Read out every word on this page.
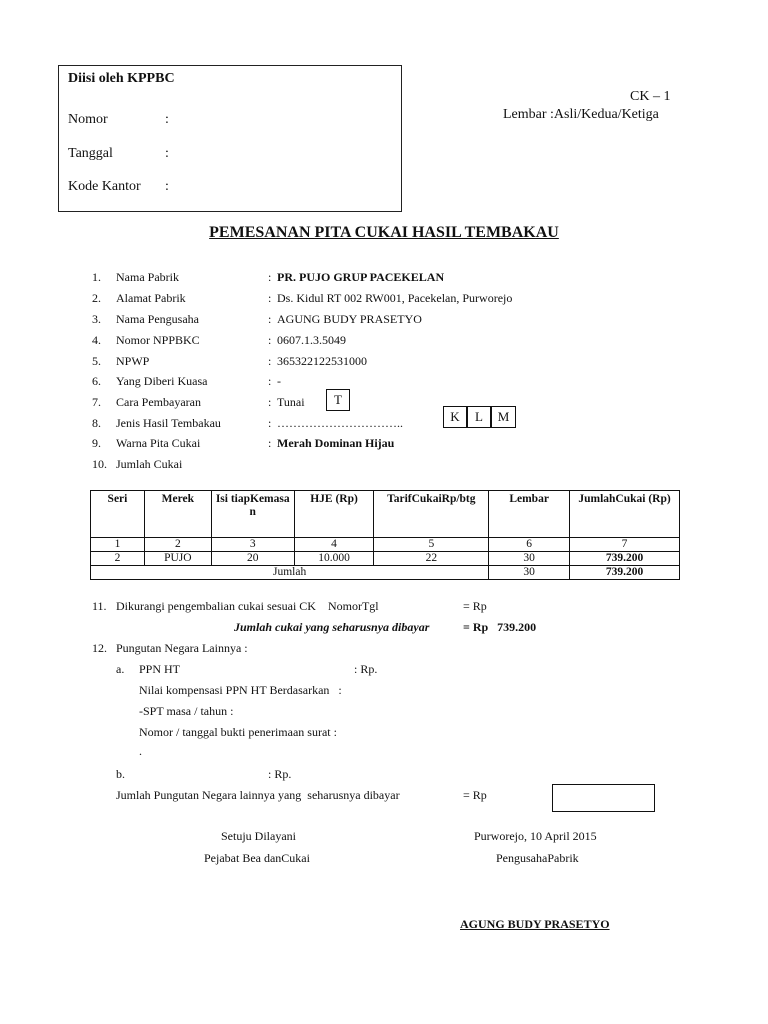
Diisi oleh KPPBC
Nomor	:
Tanggal	:
Kode Kantor :
CK – 1
Lembar :Asli/Kedua/Ketiga
PEMESANAN PITA CUKAI HASIL TEMBAKAU
1. Nama Pabrik	: PR. PUJO GRUP PACEKELAN
2. Alamat Pabrik	: Ds. Kidul RT 002 RW001, Pacekelan, Purworejo
3. Nama Pengusaha	: AGUNG BUDY PRASETYO
4. Nomor NPPBKC	: 0607.1.3.5049
5. NPWP	: 365322122531000
6. Yang Diberi Kuasa	: -
7. Cara Pembayaran	: Tunai
8. Jenis Hasil Tembakau	: …………………………..
9. Warna Pita Cukai	: Merah Dominan Hijau
10. Jumlah Cukai
T
K	L	M
Seri	Merek	Isi tiapKemasan	HJE (Rp)	TarifCukaiRp/btg	Lembar	JumlahCukai (Rp)
1	2	3	4	5	6	7
2	PUJO	20	10.000	22	30	739.200
Jumlah					30	739.200
11. Dikurangi pengembalian cukai sesuai CK    NomorTgl	= Rp
Jumlah cukai yang seharusnya dibayar	= Rp   739.200
12. Pungutan Negara Lainnya :
a. PPN HT	: Rp.
Nilai kompensasi PPN HT Berdasarkan   :
-SPT masa / tahun :
Nomor / tanggal bukti penerimaan surat :
.
b.	: Rp.
Jumlah Pungutan Negara lainnya yang  seharusnya dibayar	= Rp
Setuju Dilayani
Pejabat Bea danCukai
Purworejo, 10 April 2015
PengusahaPabrik
AGUNG BUDY PRASETYO
